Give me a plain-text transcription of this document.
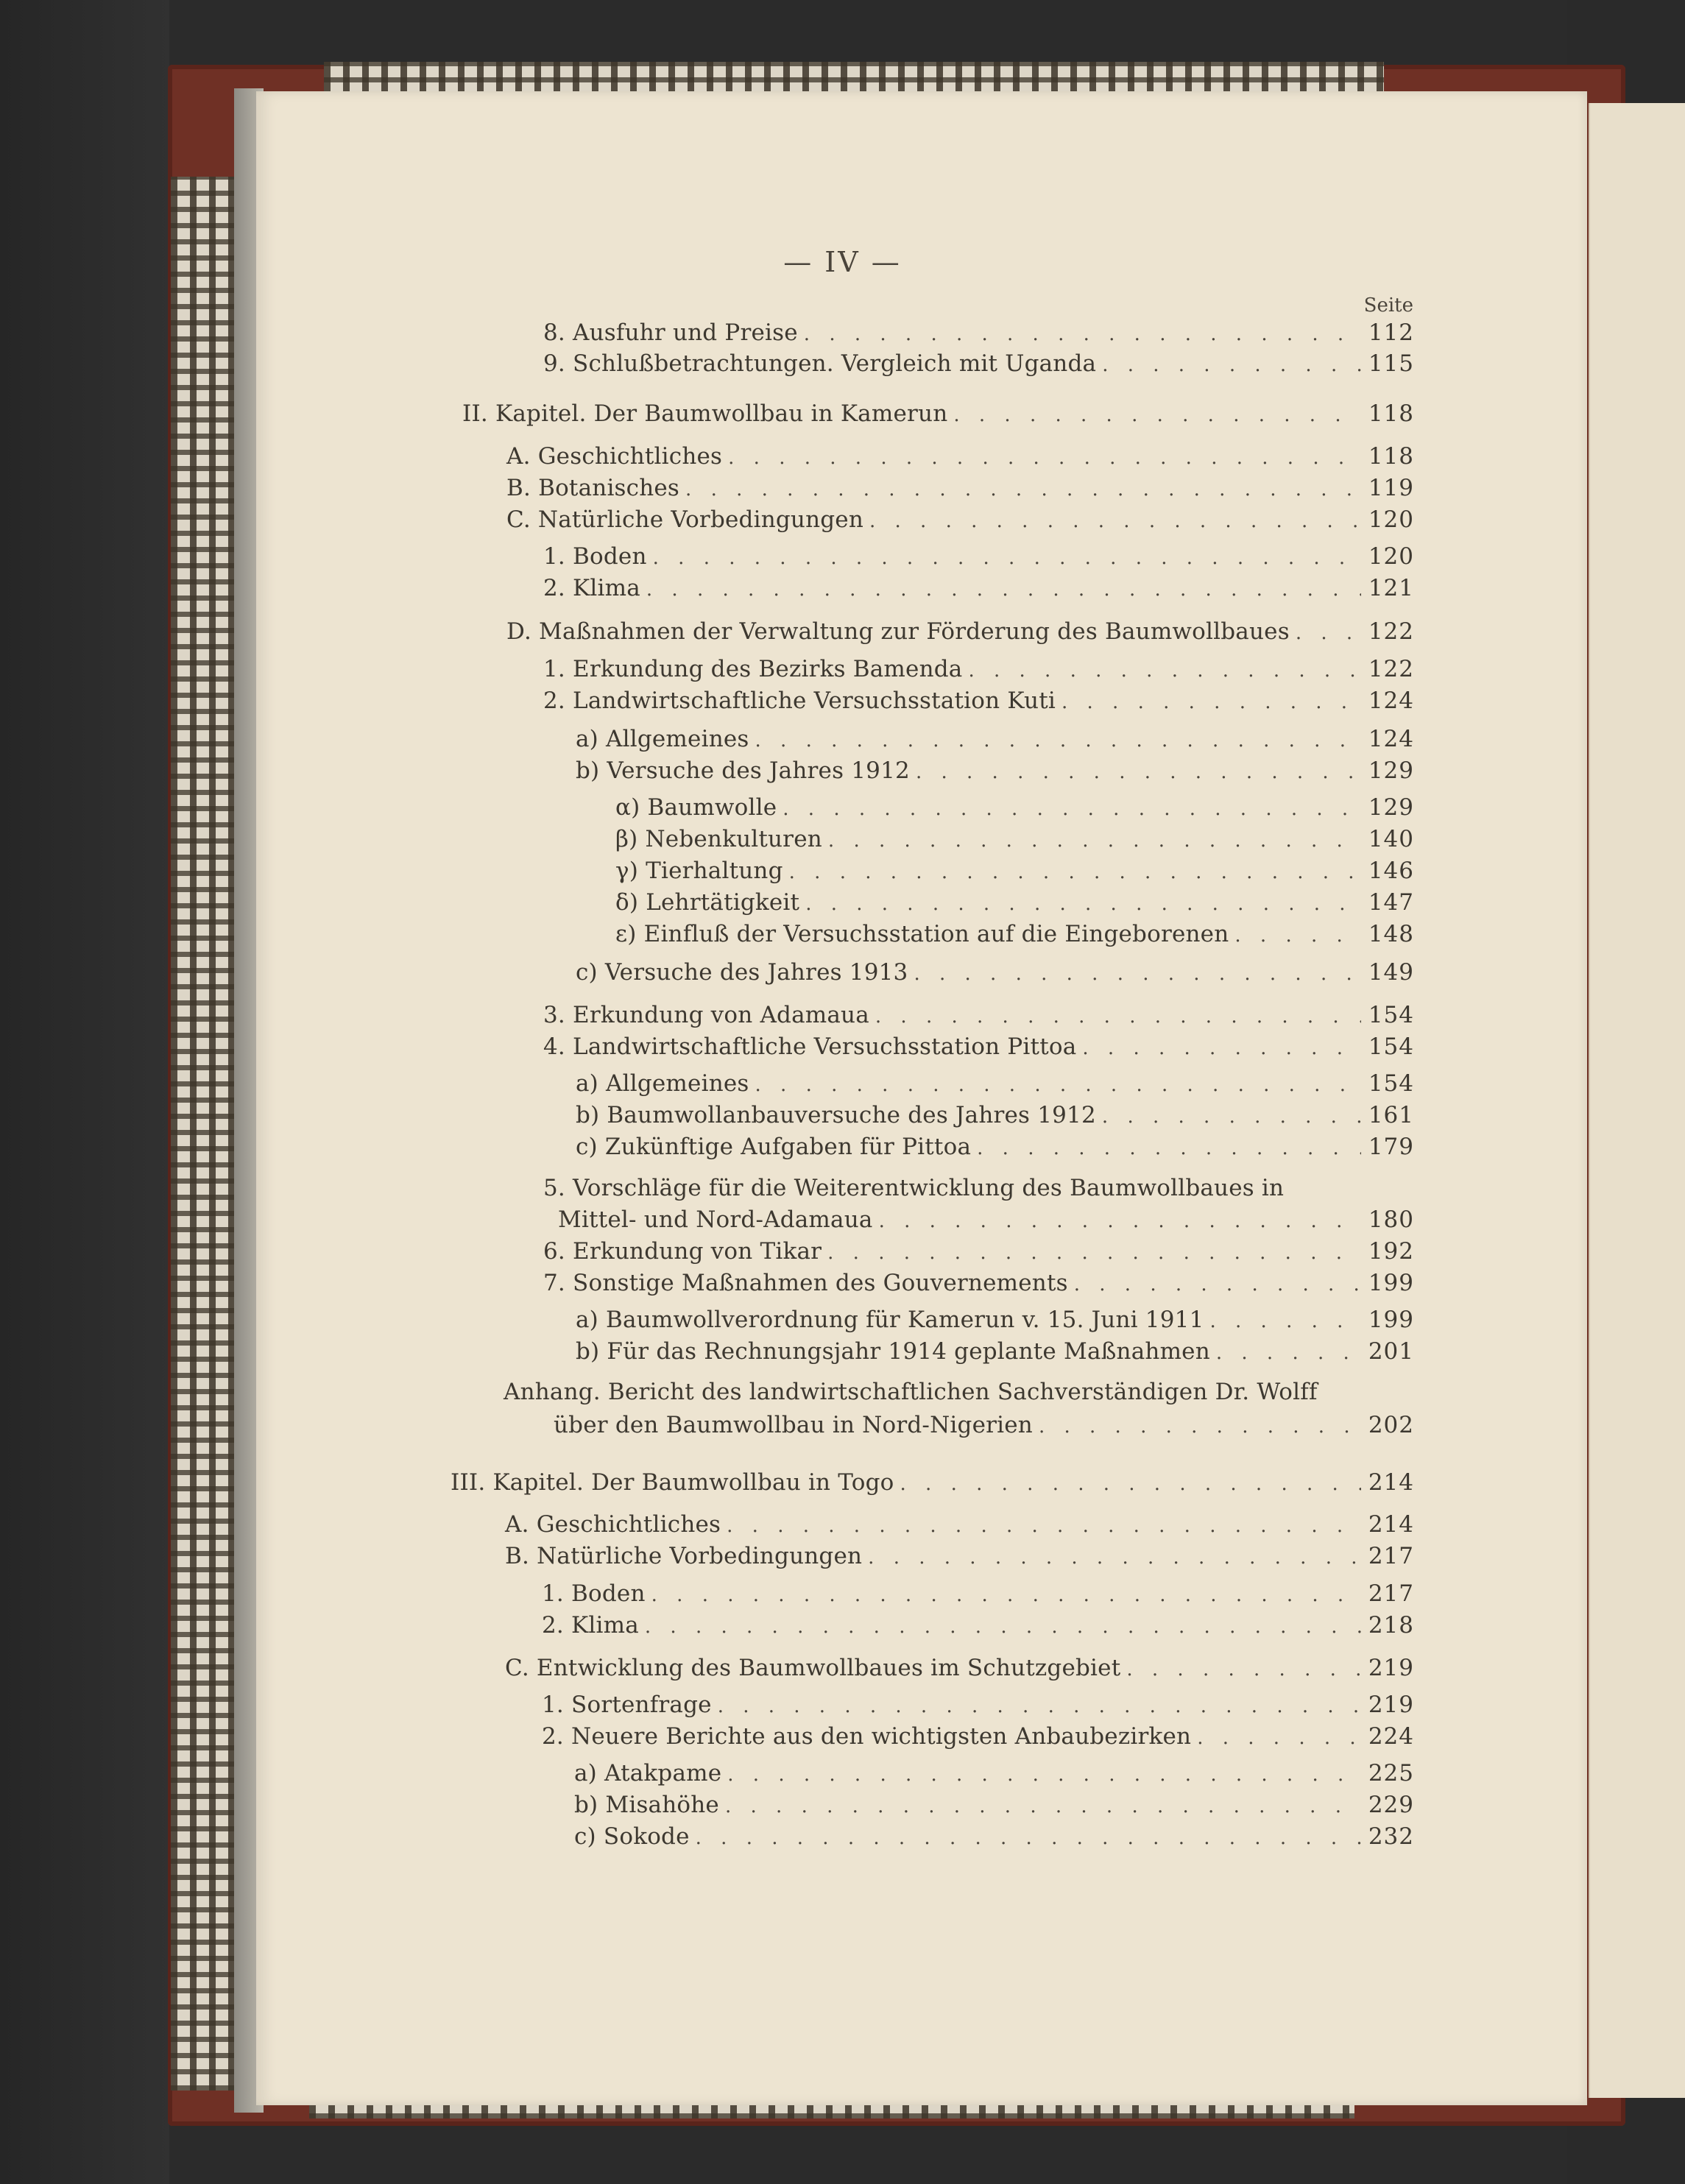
— IV —
Seite
8. Ausfuhr und Preise . . .	112
9. Schlußbetrachtungen. Vergleich mit Uganda . . .	115
II. Kapitel. Der Baumwollbau in Kamerun . . .	118
A. Geschichtliches . . .	118
B. Botanisches . . .	119
C. Natürliche Vorbedingungen . . .	120
1. Boden . . .	120
2. Klima . . .	121
D. Maßnahmen der Verwaltung zur Förderung des Baumwollbaues . . .	122
1. Erkundung des Bezirks Bamenda . . .	122
2. Landwirtschaftliche Versuchsstation Kuti . . .	124
a) Allgemeines . . .	124
b) Versuche des Jahres 1912 . . .	129
α) Baumwolle . . .	129
β) Nebenkulturen . . .	140
γ) Tierhaltung . . .	146
δ) Lehrtätigkeit . . .	147
ε) Einfluß der Versuchsstation auf die Eingeborenen . . .	148
c) Versuche des Jahres 1913 . . .	149
3. Erkundung von Adamaua . . .	154
4. Landwirtschaftliche Versuchsstation Pittoa . . .	154
a) Allgemeines . . .	154
b) Baumwollanbauversuche des Jahres 1912 . . .	161
c) Zukünftige Aufgaben für Pittoa . . .	179
5. Vorschläge für die Weiterentwicklung des Baumwollbaues in
Mittel- und Nord-Adamaua . . .	180
6. Erkundung von Tikar . . .	192
7. Sonstige Maßnahmen des Gouvernements . . .	199
a) Baumwollverordnung für Kamerun v. 15. Juni 1911 . . .	199
b) Für das Rechnungsjahr 1914 geplante Maßnahmen . . .	201
Anhang. Bericht des landwirtschaftlichen Sachverständigen Dr. Wolff
über den Baumwollbau in Nord-Nigerien . . .	202
III. Kapitel. Der Baumwollbau in Togo . . .	214
A. Geschichtliches . . .	214
B. Natürliche Vorbedingungen . . .	217
1. Boden . . .	217
2. Klima . . .	218
C. Entwicklung des Baumwollbaues im Schutzgebiet . . .	219
1. Sortenfrage . . .	219
2. Neuere Berichte aus den wichtigsten Anbaubezirken . . .	224
a) Atakpame . . .	225
b) Misahöhe . . .	229
c) Sokode . . .	232
